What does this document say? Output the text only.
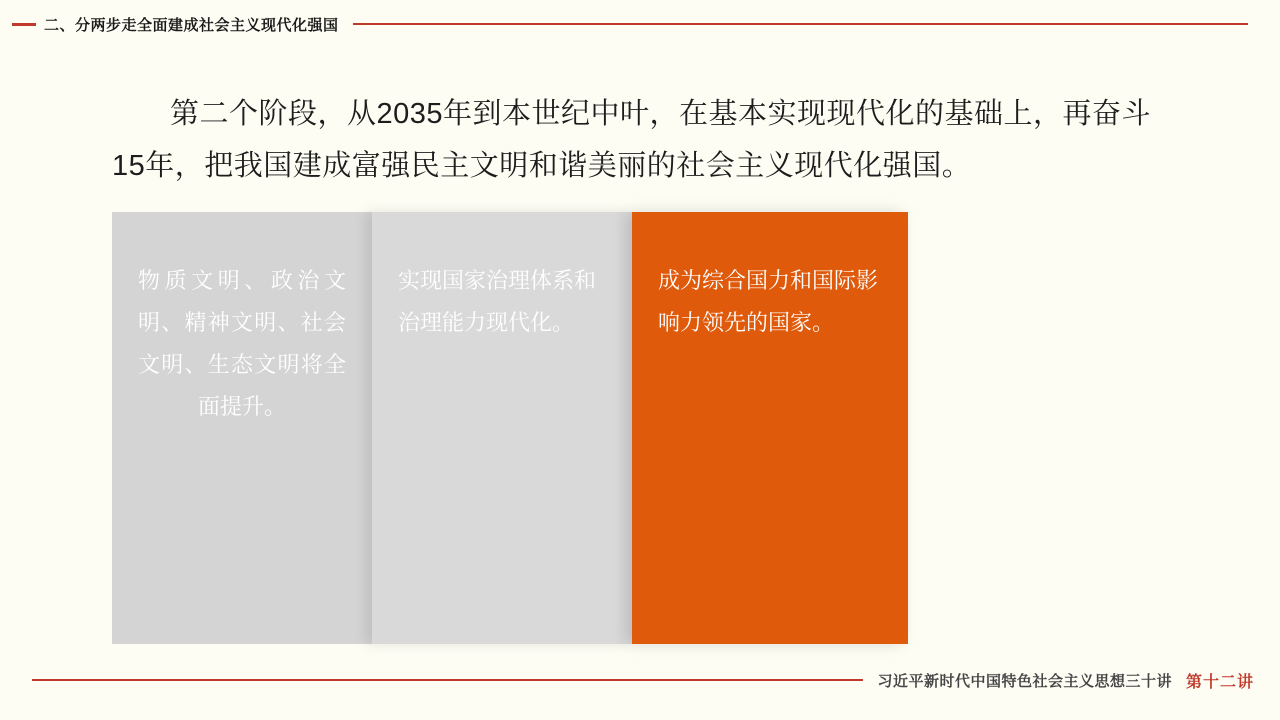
二、分两步走全面建成社会主义现代化强国
第二个阶段，从2035年到本世纪中叶，在基本实现现代化的基础上，再奋斗15年，把我国建成富强民主文明和谐美丽的社会主义现代化强国。
物质文明、政治文明、精神文明、社会文明、生态文明将全面提升。
实现国家治理体系和治理能力现代化。
成为综合国力和国际影响力领先的国家。
习近平新时代中国特色社会主义思想三十讲 第十二讲
